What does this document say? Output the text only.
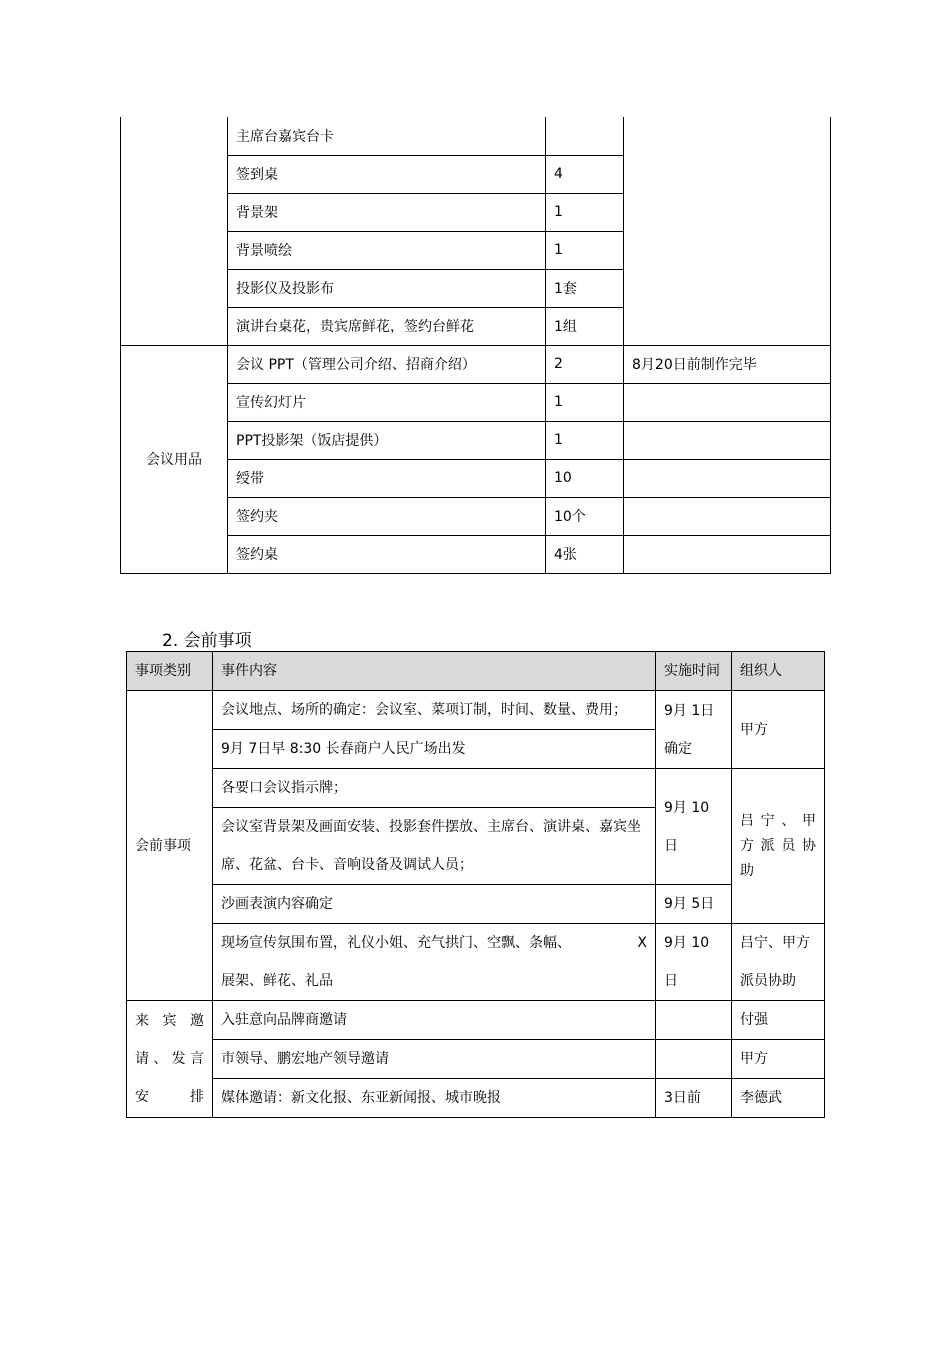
	主席台嘉宾台卡		
	签到桌	4	
	背景架	1	
	背景喷绘	1	
	投影仪及投影布	1套	
	演讲台桌花，贵宾席鲜花，签约台鲜花	1组	
会议用品	会议 PPT（管理公司介绍、招商介绍）	2	8月20日前制作完毕
	宣传幻灯片	1	
	PPT投影架（饭店提供）	1	
	绶带	10	
	签约夹	10个	
	签约桌	4张	
2. 会前事项
事项类别	事件内容	实施时间	组织人
会前事项	会议地点、场所的确定：会议室、菜项订制，时间、数量、费用；	9月 1日确定	甲方
	9月 7日早 8:30 长春商户人民广场出发		
	各要口会议指示牌；	9月 10日	吕 宁 、 甲 方 派 员 协 助
	会议室背景架及画面安装、投影套件摆放、主席台、演讲桌、嘉宾坐席、花盆、台卡、音响设备及调试人员；		
	沙画表演内容确定	9月 5日	

	现场宣传氛围布置，礼仪小姐、充气拱门、空飘、条幅、 X
展架、鲜花、礼品	9月 10日	吕宁、甲方派员协助
来 宾 邀 请、发言安排	入驻意向品牌商邀请		付强
	市领导、鹏宏地产领导邀请		甲方
	媒体邀请：新文化报、东亚新闻报、城市晚报	3日前	李德武
